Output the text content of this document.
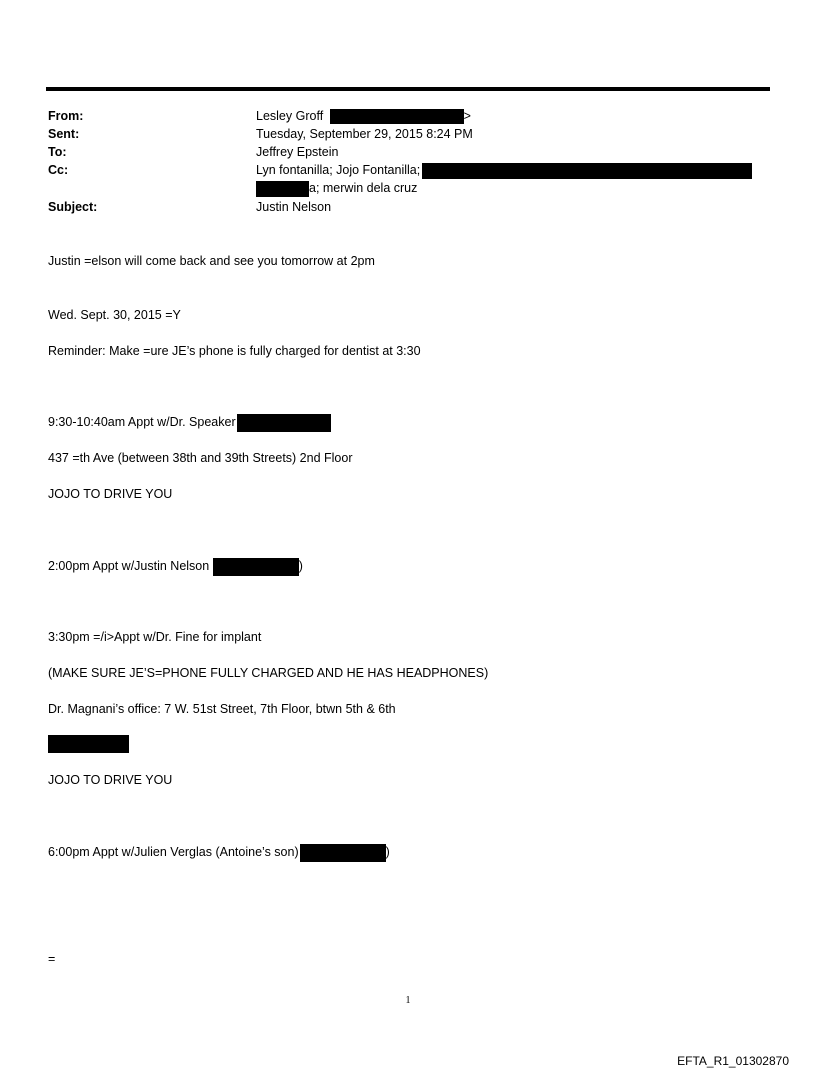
From:	Lesley Groff	>
Sent:	Tuesday, September 29, 2015 8:24 PM
To:	Jeffrey Epstein
Cc:	Lyn fontanilla; Jojo Fontanilla;
a; merwin dela cruz
Subject:	Justin Nelson
Justin =elson will come back and see you tomorrow at 2pm
Wed. Sept. 30, 2015 =Y
Reminder: Make =ure JE’s phone is fully charged for dentist at 3:30
9:30-10:40am Appt w/Dr. Speaker
437 =th Ave (between 38th and 39th Streets) 2nd Floor
JOJO TO DRIVE YOU
2:00pm Appt w/Justin Nelson	)
3:30pm =/i>Appt w/Dr. Fine for implant
(MAKE SURE JE’S=PHONE FULLY CHARGED AND HE HAS HEADPHONES)
Dr. Magnani’s office: 7 W. 51st Street, 7th Floor, btwn 5th & 6th
JOJO TO DRIVE YOU
6:00pm Appt w/Julien Verglas (Antoine’s son)	)
=
1
EFTA_R1_01302870
